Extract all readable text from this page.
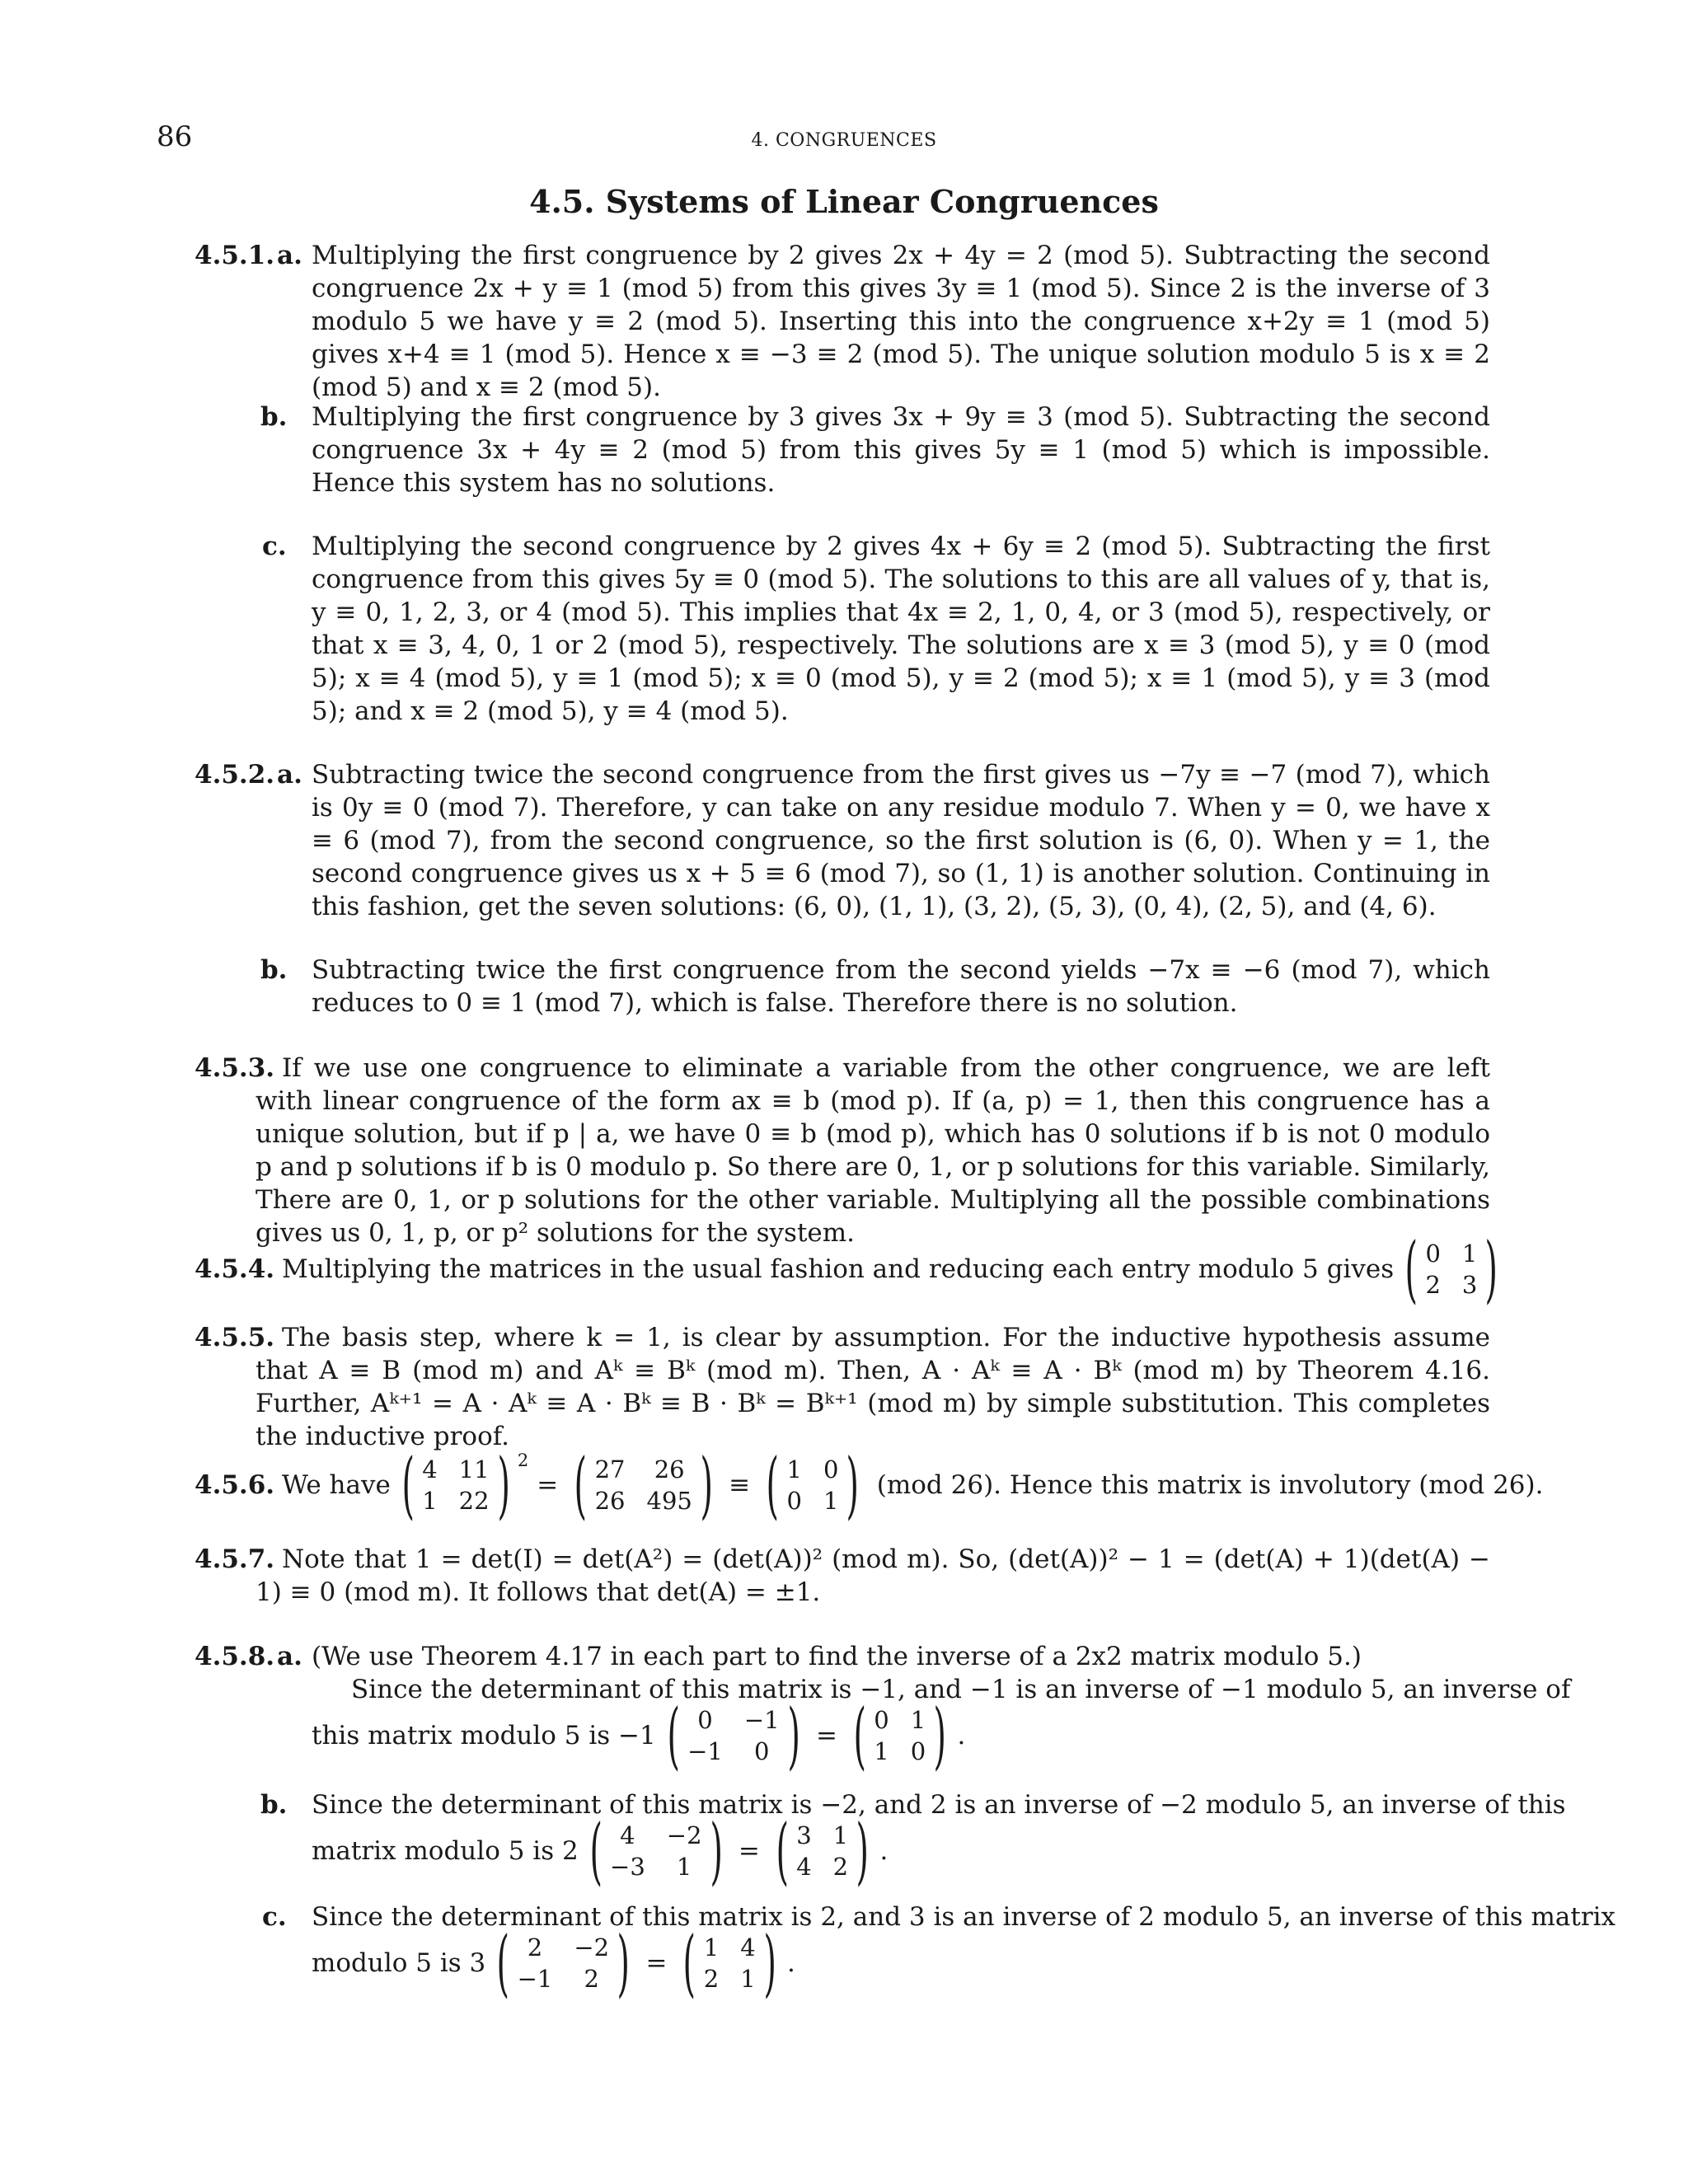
86	4. CONGRUENCES
4.5. Systems of Linear Congruences
4.5.1. a. Multiplying the first congruence by 2 gives 2x + 4y = 2 (mod 5). Subtracting the second congruence 2x + y ≡ 1 (mod 5) from this gives 3y ≡ 1 (mod 5). Since 2 is the inverse of 3 modulo 5 we have y ≡ 2 (mod 5). Inserting this into the congruence x+2y ≡ 1 (mod 5) gives x+4 ≡ 1 (mod 5). Hence x ≡ −3 ≡ 2 (mod 5). The unique solution modulo 5 is x ≡ 2 (mod 5) and x ≡ 2 (mod 5).
b. Multiplying the first congruence by 3 gives 3x + 9y ≡ 3 (mod 5). Subtracting the second congruence 3x + 4y ≡ 2 (mod 5) from this gives 5y ≡ 1 (mod 5) which is impossible. Hence this system has no solutions.
c. Multiplying the second congruence by 2 gives 4x + 6y ≡ 2 (mod 5). Subtracting the first congruence from this gives 5y ≡ 0 (mod 5). The solutions to this are all values of y, that is, y ≡ 0, 1, 2, 3, or 4 (mod 5). This implies that 4x ≡ 2, 1, 0, 4, or 3 (mod 5), respectively, or that x ≡ 3, 4, 0, 1 or 2 (mod 5), respectively. The solutions are x ≡ 3 (mod 5), y ≡ 0 (mod 5); x ≡ 4 (mod 5), y ≡ 1 (mod 5); x ≡ 0 (mod 5), y ≡ 2 (mod 5); x ≡ 1 (mod 5), y ≡ 3 (mod 5); and x ≡ 2 (mod 5), y ≡ 4 (mod 5).
4.5.2. a. Subtracting twice the second congruence from the first gives us −7y ≡ −7 (mod 7), which is 0y ≡ 0 (mod 7). Therefore, y can take on any residue modulo 7. When y = 0, we have x ≡ 6 (mod 7), from the second congruence, so the first solution is (6, 0). When y = 1, the second congruence gives us x + 5 ≡ 6 (mod 7), so (1, 1) is another solution. Continuing in this fashion, get the seven solutions: (6, 0), (1, 1), (3, 2), (5, 3), (0, 4), (2, 5), and (4, 6).
b. Subtracting twice the first congruence from the second yields −7x ≡ −6 (mod 7), which reduces to 0 ≡ 1 (mod 7), which is false. Therefore there is no solution.
4.5.3. If we use one congruence to eliminate a variable from the other congruence, we are left with linear congruence of the form ax ≡ b (mod p). If (a, p) = 1, then this congruence has a unique solution, but if p | a, we have 0 ≡ b (mod p), which has 0 solutions if b is not 0 modulo p and p solutions if b is 0 modulo p. So there are 0, 1, or p solutions for this variable. Similarly, There are 0, 1, or p solutions for the other variable. Multiplying all the possible combinations gives us 0, 1, p, or p² solutions for the system.
4.5.4. Multiplying the matrices in the usual fashion and reducing each entry modulo 5 gives ( 0 1
2 3 )
4.5.5. The basis step, where k = 1, is clear by assumption. For the inductive hypothesis assume that A ≡ B (mod m) and Aᵏ ≡ Bᵏ (mod m). Then, A · Aᵏ ≡ A · Bᵏ (mod m) by Theorem 4.16. Further, Aᵏ⁺¹ = A · Aᵏ ≡ A · Bᵏ ≡ B · Bᵏ = Bᵏ⁺¹ (mod m) by simple substitution. This completes the inductive proof.
4.5.6. We have ( 4 11
1 22 ) 2
= ( 27	26
26 495 ) ≡ ( 1 0
0 1 ) (mod 26). Hence this matrix is involutory (mod 26).
4.5.7. Note that 1 = det(I) = det(A²) = (det(A))² (mod m). So, (det(A))² − 1 = (det(A) + 1)(det(A) − 1) ≡ 0 (mod m). It follows that det(A) = ±1.
4.5.8. a. (We use Theorem 4.17 in each part to find the inverse of a 2x2 matrix modulo 5.)
Since the determinant of this matrix is −1, and −1 is an inverse of −1 modulo 5, an inverse of
this matrix modulo 5 is −1 ( 0	−1
−1	0 ) = ( 0 1
1 0 ) .
b. Since the determinant of this matrix is −2, and 2 is an inverse of −2 modulo 5, an inverse of this
matrix modulo 5 is 2 ( 4	−2
−3	1 ) = ( 3 1
4 2 ) .
c. Since the determinant of this matrix is 2, and 3 is an inverse of 2 modulo 5, an inverse of this matrix
modulo 5 is 3 ( 2	−2
−1	2 ) = ( 1 4
2 1 ) .
